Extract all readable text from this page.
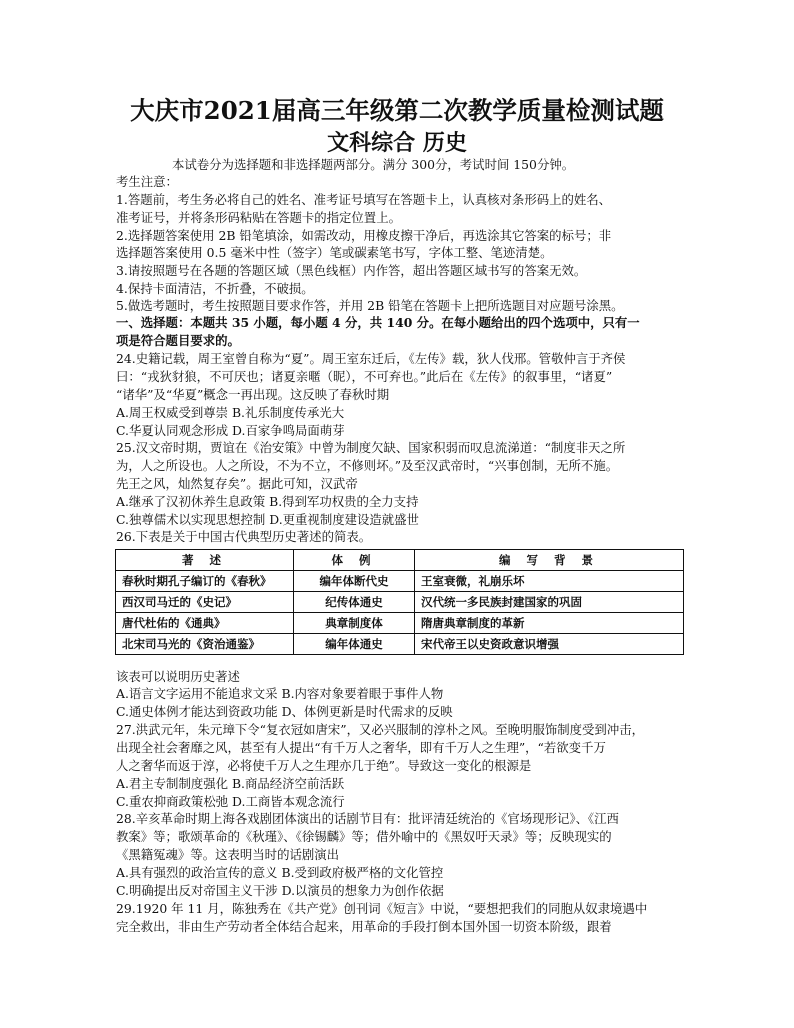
大庆市2021届高三年级第二次教学质量检测试题
文科综合 历史
本试卷分为选择题和非选择题两部分。满分 300分，考试时间 150分钟。
考生注意：
1.答题前，考生务必将自己的姓名、准考证号填写在答题卡上，认真核对条形码上的姓名、
准考证号，并将条形码粘贴在答题卡的指定位置上。
2.选择题答案使用 2B 铅笔填涂，如需改动，用橡皮擦干净后，再选涂其它答案的标号；非
选择题答案使用 0.5 毫米中性（签字）笔或碳素笔书写，字体工整、笔迹清楚。
3.请按照题号在各题的答题区域（黑色线框）内作答，超出答题区域书写的答案无效。
4.保持卡面清洁，不折叠，不破损。
5.做选考题时，考生按照题目要求作答，并用 2B 铅笔在答题卡上把所选题目对应题号涂黑。
一、选择题：本题共 35 小题，每小题 4 分，共 140 分。在每小题给出的四个选项中，只有一
项是符合题目要求的。
24.史籍记载，周王室曾自称为“夏”。周王室东迁后，《左传》载，狄人伐邢。管敬仲言于齐侯
曰：“戎狄豺狼，不可厌也；诸夏亲暱（昵），不可弃也。”此后在《左传》的叙事里，“诸夏”
“诸华”及“华夏”概念一再出现。这反映了春秋时期
A.周王权威受到尊崇 B.礼乐制度传承光大
C.华夏认同观念形成 D.百家争鸣局面萌芽
25.汉文帝时期，贾谊在《治安策》中曾为制度欠缺、国家积弱而叹息流涕道：“制度非天之所
为，人之所设也。人之所设，不为不立，不修则坏。”及至汉武帝时，“兴事创制，无所不施。
先王之风，灿然复存矣”。据此可知，汉武帝
A.继承了汉初休养生息政策 B.得到军功权贵的全力支持
C.独尊儒术以实现思想控制 D.更重视制度建设造就盛世
26.下表是关于中国古代典型历史著述的简表。
著 述	体 例	编 写 背 景
春秋时期孔子编订的《春秋》	编年体断代史	王室衰微，礼崩乐坏
西汉司马迁的《史记》	纪传体通史	汉代统一多民族封建国家的巩固
唐代杜佑的《通典》	典章制度体	隋唐典章制度的革新
北宋司马光的《资治通鉴》	编年体通史	宋代帝王以史资政意识增强
该表可以说明历史著述
A.语言文字运用不能追求文采 B.内容对象要着眼于事件人物
C.通史体例才能达到资政功能 D、体例更新是时代需求的反映
27.洪武元年，朱元璋下令“复衣冠如唐宋”，又必兴服制的淳朴之风。至晚明服饰制度受到冲击，
出现全社会奢靡之风，甚至有人提出“有千万人之奢华，即有千万人之生理”，“若欲变千万
人之奢华而返于淳，必将使千万人之生理亦几于绝”。导致这一变化的根源是
A.君主专制制度强化 B.商品经济空前活跃
C.重农抑商政策松弛 D.工商皆本观念流行
28.辛亥革命时期上海各戏剧团体演出的话剧节目有：批评清廷统治的《官场现形记》、《江西
教案》等；歌颂革命的《秋瑾》、《徐锡麟》等；借外喻中的《黑奴吁天录》等；反映现实的
《黑籍冤魂》等。这表明当时的话剧演出
A.具有强烈的政治宣传的意义 B.受到政府极严格的文化管控
C.明确提出反对帝国主义干涉 D.以演员的想象力为创作依据
29.1920 年 11 月，陈独秀在《共产党》创刊词《短言》中说，“要想把我们的同胞从奴隶境遇中
完全救出，非由生产劳动者全体结合起来，用革命的手段打倒本国外国一切资本阶级，跟着
